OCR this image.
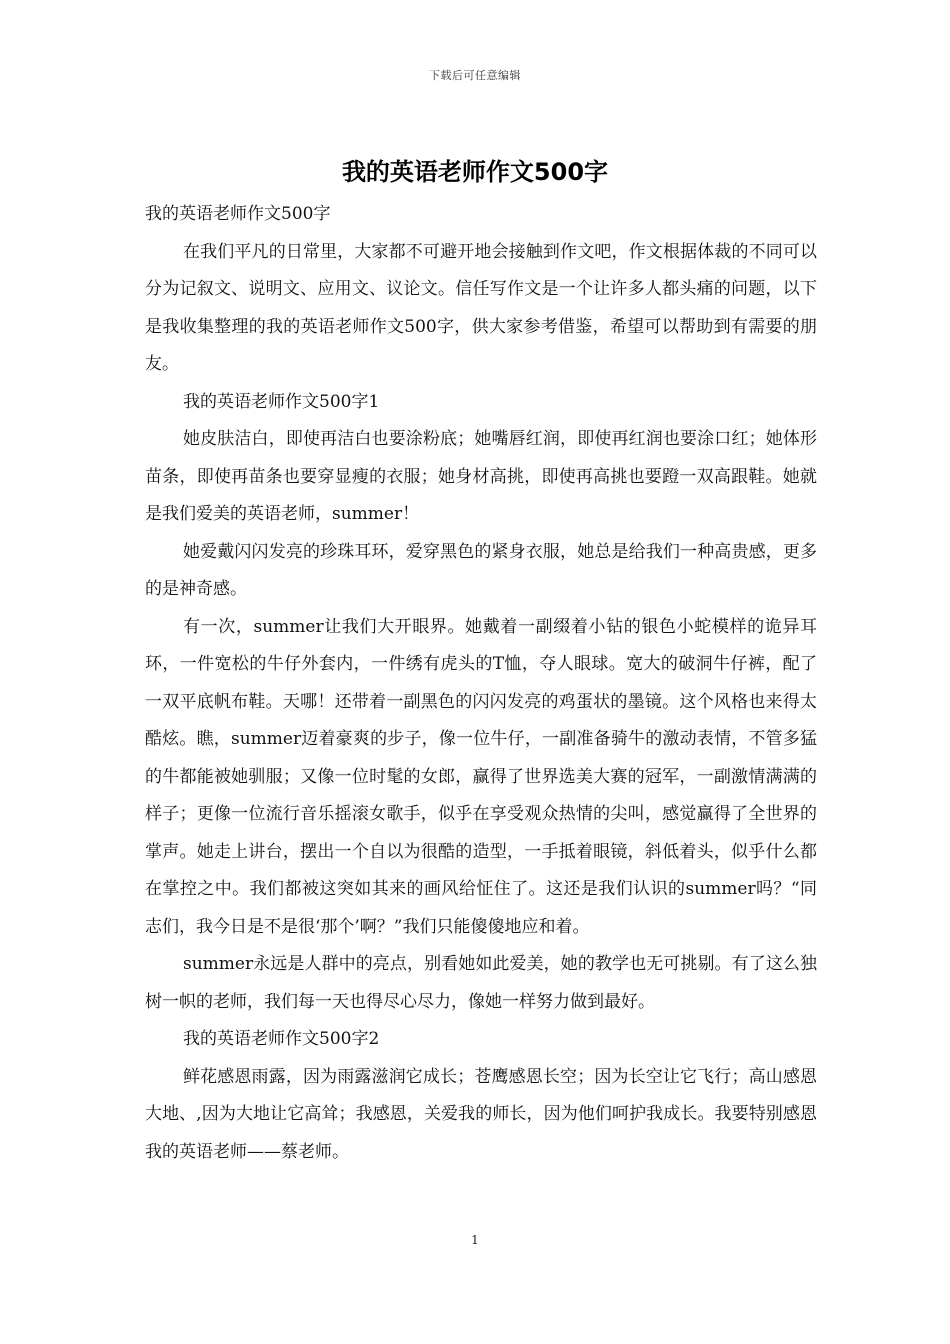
下载后可任意编辑
我的英语老师作文500字

我的英语老师作文500字

在我们平凡的日常里，大家都不可避开地会接触到作文吧，作文根据体裁的不同可以分为记叙文、说明文、应用文、议论文。信任写作文是一个让许多人都头痛的问题，以下是我收集整理的我的英语老师作文500字，供大家参考借鉴，希望可以帮助到有需要的朋友。

我的英语老师作文500字1

她皮肤洁白，即使再洁白也要涂粉底；她嘴唇红润，即使再红润也要涂口红；她体形苗条，即使再苗条也要穿显瘦的衣服；她身材高挑，即使再高挑也要蹬一双高跟鞋。她就是我们爱美的英语老师，summer！

她爱戴闪闪发亮的珍珠耳环，爱穿黑色的紧身衣服，她总是给我们一种高贵感，更多的是神奇感。

有一次，summer让我们大开眼界。她戴着一副缀着小钻的银色小蛇模样的诡异耳环，一件宽松的牛仔外套内，一件绣有虎头的T恤，夺人眼球。宽大的破洞牛仔裤，配了一双平底帆布鞋。天哪！还带着一副黑色的闪闪发亮的鸡蛋状的墨镜。这个风格也来得太酷炫。瞧，summer迈着豪爽的步子，像一位牛仔，一副准备骑牛的激动表情，不管多猛的牛都能被她驯服；又像一位时髦的女郎，赢得了世界选美大赛的冠军，一副激情满满的样子；更像一位流行音乐摇滚女歌手，似乎在享受观众热情的尖叫，感觉赢得了全世界的掌声。她走上讲台，摆出一个自以为很酷的造型，一手抵着眼镜，斜低着头，似乎什么都在掌控之中。我们都被这突如其来的画风给怔住了。这还是我们认识的summer吗？“同志们，我今日是不是很‘那个’啊？”我们只能傻傻地应和着。

summer永远是人群中的亮点，别看她如此爱美，她的教学也无可挑剔。有了这么独树一帜的老师，我们每一天也得尽心尽力，像她一样努力做到最好。

我的英语老师作文500字2

鲜花感恩雨露，因为雨露滋润它成长；苍鹰感恩长空；因为长空让它飞行；高山感恩大地、,因为大地让它高耸；我感恩，关爱我的师长，因为他们呵护我成长。我要特别感恩我的英语老师——蔡老师。

1
